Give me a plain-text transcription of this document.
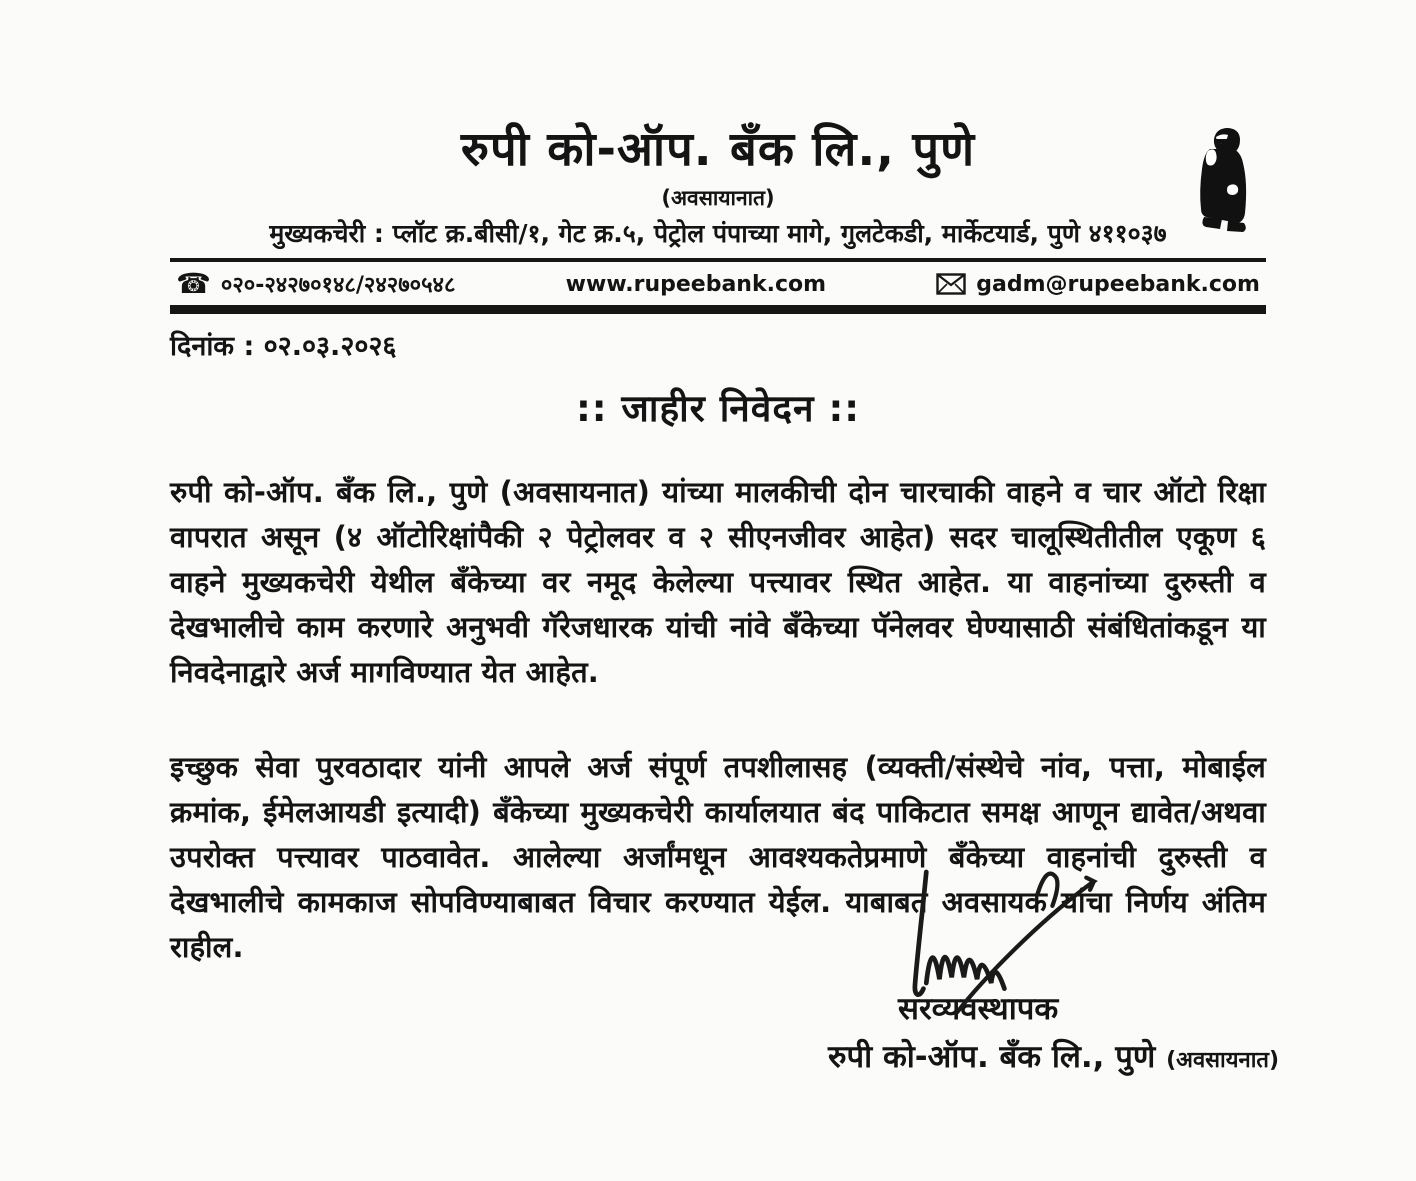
रुपी को-ऑप. बँक लि., पुणे
(अवसायानात)
मुख्यकचेरी : प्लॉट क्र.बीसी/१, गेट क्र.५, पेट्रोल पंपाच्या मागे, गुलटेकडी, मार्केटयार्ड, पुणे ४११०३७
☎ ०२०-२४२७०१४८/२४२७०५४८	www.rupeebank.com	gadm@rupeebank.com
दिनांक : ०२.०३.२०२६
:: जाहीर निवेदन ::

रुपी को-ऑप. बँक लि., पुणे (अवसायनात) यांच्या मालकीची दोन चारचाकी वाहने व चार ऑटो रिक्षा वापरात असून (४ ऑटोरिक्षांपैकी २ पेट्रोलवर व २ सीएनजीवर आहेत) सदर चालूस्थितीतील एकूण ६ वाहने मुख्यकचेरी येथील बँकेच्या वर नमूद केलेल्या पत्त्यावर स्थित आहेत. या वाहनांच्या दुरुस्ती व देखभालीचे काम करणारे अनुभवी गॅरेजधारक यांची नांवे बँकेच्या पॅनेलवर घेण्यासाठी संबंधितांकडून या निवदेनाद्वारे अर्ज मागविण्यात येत आहेत.

इच्छुक सेवा पुरवठादार यांनी आपले अर्ज संपूर्ण तपशीलासह (व्यक्ती/संस्थेचे नांव, पत्ता, मोबाईल क्रमांक, ईमेलआयडी इत्यादी) बँकेच्या मुख्यकचेरी कार्यालयात बंद पाकिटात समक्ष आणून द्यावेत/अथवा उपरोक्त पत्त्यावर पाठवावेत. आलेल्या अर्जांमधून आवश्यकतेप्रमाणे बँकेच्या वाहनांची दुरुस्ती व देखभालीचे कामकाज सोपविण्याबाबत विचार करण्यात येईल. याबाबत अवसायक यांचा निर्णय अंतिम राहील.

सरव्यवस्थापक
रुपी को-ऑप. बँक लि., पुणे (अवसायनात)
